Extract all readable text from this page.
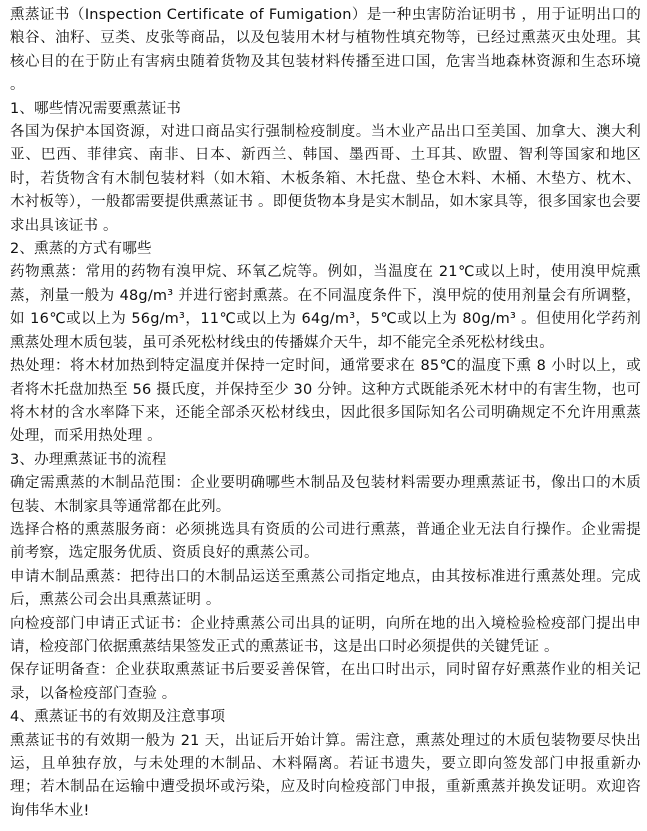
熏蒸证书（Inspection Certificate of Fumigation）是一种虫害防治证明书 ，用于证明出口的粮谷、油籽、豆类、皮张等商品，以及包装用木材与植物性填充物等，已经过熏蒸灭虫处理。其核心目的在于防止有害病虫随着货物及其包装材料传播至进口国，危害当地森林资源和生态环境 。

1、哪些情况需要熏蒸证书

各国为保护本国资源，对进口商品实行强制检疫制度。当木业产品出口至美国、加拿大、澳大利亚、巴西、菲律宾、南非、日本、新西兰、韩国、墨西哥、土耳其、欧盟、智利等国家和地区时，若货物含有木制包装材料（如木箱、木板条箱、木托盘、垫仓木料、木桶、木垫方、枕木、木衬板等），一般都需要提供熏蒸证书 。即便货物本身是实木制品，如木家具等，很多国家也会要求出具该证书 。

2、熏蒸的方式有哪些

药物熏蒸：常用的药物有溴甲烷、环氧乙烷等。例如，当温度在 21℃或以上时，使用溴甲烷熏蒸，剂量一般为 48g/m³ 并进行密封熏蒸。在不同温度条件下，溴甲烷的使用剂量会有所调整，如 16℃或以上为 56g/m³，11℃或以上为 64g/m³，5℃或以上为 80g/m³ 。但使用化学药剂熏蒸处理木质包装，虽可杀死松材线虫的传播媒介天牛，却不能完全杀死松材线虫。

热处理：将木材加热到特定温度并保持一定时间，通常要求在 85℃的温度下熏 8 小时以上，或者将木托盘加热至 56 摄氏度，并保持至少 30 分钟。这种方式既能杀死木材中的有害生物，也可将木材的含水率降下来，还能全部杀灭松材线虫，因此很多国际知名公司明确规定不允许用熏蒸处理，而采用热处理 。

3、办理熏蒸证书的流程

确定需熏蒸的木制品范围：企业要明确哪些木制品及包装材料需要办理熏蒸证书，像出口的木质包装、木制家具等通常都在此列。

选择合格的熏蒸服务商：必须挑选具有资质的公司进行熏蒸，普通企业无法自行操作。企业需提前考察，选定服务优质、资质良好的熏蒸公司。

申请木制品熏蒸：把待出口的木制品运送至熏蒸公司指定地点，由其按标准进行熏蒸处理。完成后，熏蒸公司会出具熏蒸证明 。

向检疫部门申请正式证书：企业持熏蒸公司出具的证明，向所在地的出入境检验检疫部门提出申请，检疫部门依据熏蒸结果签发正式的熏蒸证书，这是出口时必须提供的关键凭证 。

保存证明备查：企业获取熏蒸证书后要妥善保管，在出口时出示，同时留存好熏蒸作业的相关记录，以备检疫部门查验 。

4、熏蒸证书的有效期及注意事项

熏蒸证书的有效期一般为 21 天，出证后开始计算。需注意，熏蒸处理过的木质包装物要尽快出运，且单独存放，与未处理的木制品、木料隔离。若证书遗失，要立即向签发部门申报重新办理；若木制品在运输中遭受损坏或污染，应及时向检疫部门申报，重新熏蒸并换发证明。欢迎咨询伟华木业!
